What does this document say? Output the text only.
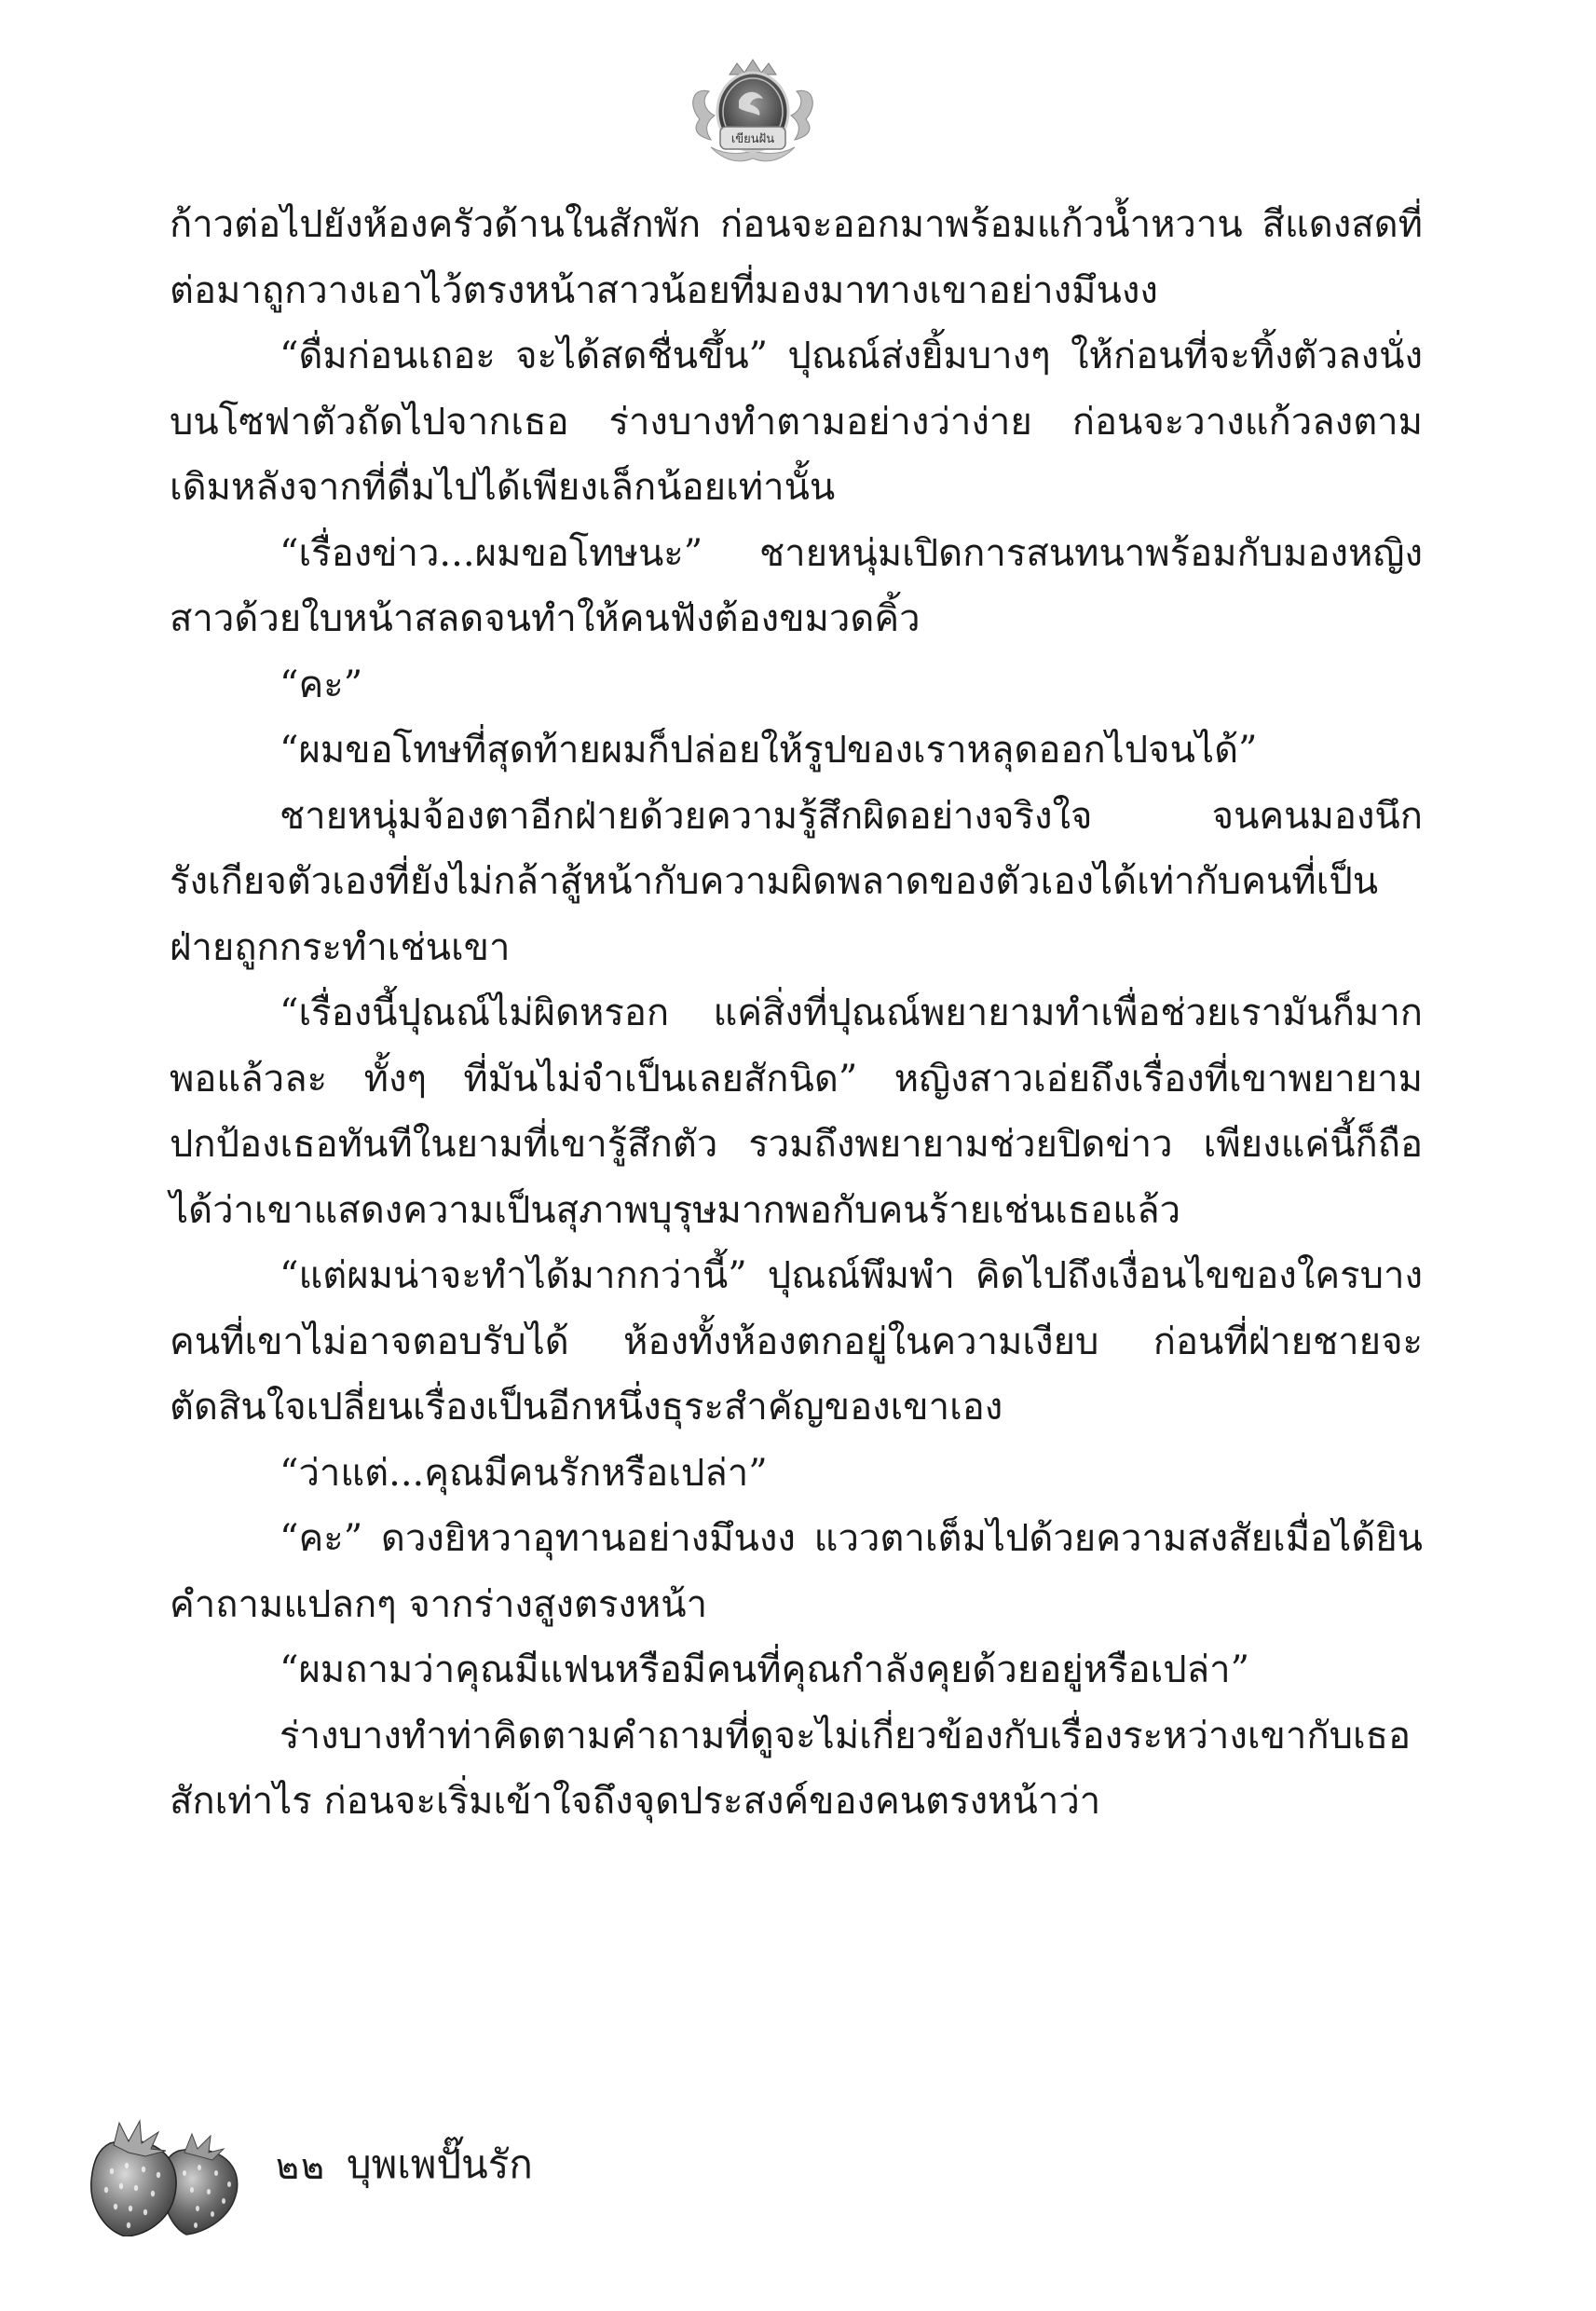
เขียนฝัน

ก้าวต่อไปยังห้องครัวด้านในสักพัก ก่อนจะออกมาพร้อมแก้วน้ำหวาน สีแดงสดที่ต่อมาถูกวางเอาไว้ตรงหน้าสาวน้อยที่มองมาทางเขาอย่างมึนงง

“ดื่มก่อนเถอะ จะได้สดชื่นขึ้น” ปุณณ์ส่งยิ้มบางๆ ให้ก่อนที่จะทิ้งตัวลงนั่งบนโซฟาตัวถัดไปจากเธอ ร่างบางทำตามอย่างว่าง่าย ก่อนจะวางแก้วลงตามเดิมหลังจากที่ดื่มไปได้เพียงเล็กน้อยเท่านั้น

“เรื่องข่าว...ผมขอโทษนะ” ชายหนุ่มเปิดการสนทนาพร้อมกับมองหญิงสาวด้วยใบหน้าสลดจนทำให้คนฟังต้องขมวดคิ้ว

“คะ”

“ผมขอโทษที่สุดท้ายผมก็ปล่อยให้รูปของเราหลุดออกไปจนได้”

ชายหนุ่มจ้องตาอีกฝ่ายด้วยความรู้สึกผิดอย่างจริงใจ จนคนมองนึกรังเกียจตัวเองที่ยังไม่กล้าสู้หน้ากับความผิดพลาดของตัวเองได้เท่ากับคนที่เป็นฝ่ายถูกกระทำเช่นเขา

“เรื่องนี้ปุณณ์ไม่ผิดหรอก แค่สิ่งที่ปุณณ์พยายามทำเพื่อช่วยเรามันก็มากพอแล้วละ ทั้งๆ ที่มันไม่จำเป็นเลยสักนิด” หญิงสาวเอ่ยถึงเรื่องที่เขาพยายามปกป้องเธอทันทีในยามที่เขารู้สึกตัว รวมถึงพยายามช่วยปิดข่าว เพียงแค่นี้ก็ถือได้ว่าเขาแสดงความเป็นสุภาพบุรุษมากพอกับคนร้ายเช่นเธอแล้ว

“แต่ผมน่าจะทำได้มากกว่านี้” ปุณณ์พึมพำ คิดไปถึงเงื่อนไขของใครบางคนที่เขาไม่อาจตอบรับได้ ห้องทั้งห้องตกอยู่ในความเงียบ ก่อนที่ฝ่ายชายจะตัดสินใจเปลี่ยนเรื่องเป็นอีกหนึ่งธุระสำคัญของเขาเอง

“ว่าแต่...คุณมีคนรักหรือเปล่า”

“คะ” ดวงยิหวาอุทานอย่างมึนงง แววตาเต็มไปด้วยความสงสัยเมื่อได้ยินคำถามแปลกๆ จากร่างสูงตรงหน้า

“ผมถามว่าคุณมีแฟนหรือมีคนที่คุณกำลังคุยด้วยอยู่หรือเปล่า”

ร่างบางทำท่าคิดตามคำถามที่ดูจะไม่เกี่ยวข้องกับเรื่องระหว่างเขากับเธอสักเท่าไร ก่อนจะเริ่มเข้าใจถึงจุดประสงค์ของคนตรงหน้าว่า

๒๒ บุพเพปั๊นรัก
